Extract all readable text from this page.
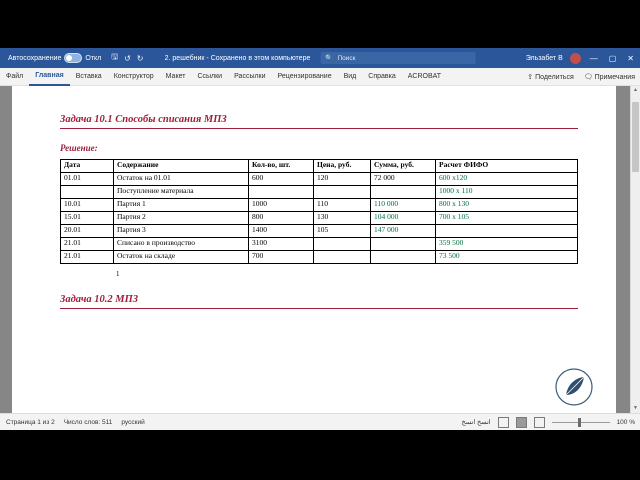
Автосохранение	Откл 🖫 ↺ ↻	2. решебник - Сохранено в этом компьютере 🔍 Поиск	Эльзабет В	— ▢ ✕
Файл	Главная	Вставка	Конструктор	Макет	Ссылки	Рассылки	Рецензирование	Вид	Справка	ACROBAT	⇪ Поделиться 🗨 Примечания
Задача 10.1 Способы списания МПЗ
Решение:
Дата	Содержание	Кол-во, шт.	Цена, руб.	Сумма, руб.	Расчет ФИФО
01.01	Остаток на 01.01	600	120	72 000	600 х120
	Поступление материала				1000 х 110
10.01	Партия 1	1000	110	110 000	800 х 130
15.01	Партия 2	800	130	104 000	700 х 105
20.01	Партия 3	1400	105	147 000	
21.01	Списано в производство	3100			359 500
21.01	Остаток на складе	700			73 500
1
Задача 10.2 МПЗ
▲
▼
Страница 1 из 2 Число слов: 511 русский	انسخ انسخ	100 %
